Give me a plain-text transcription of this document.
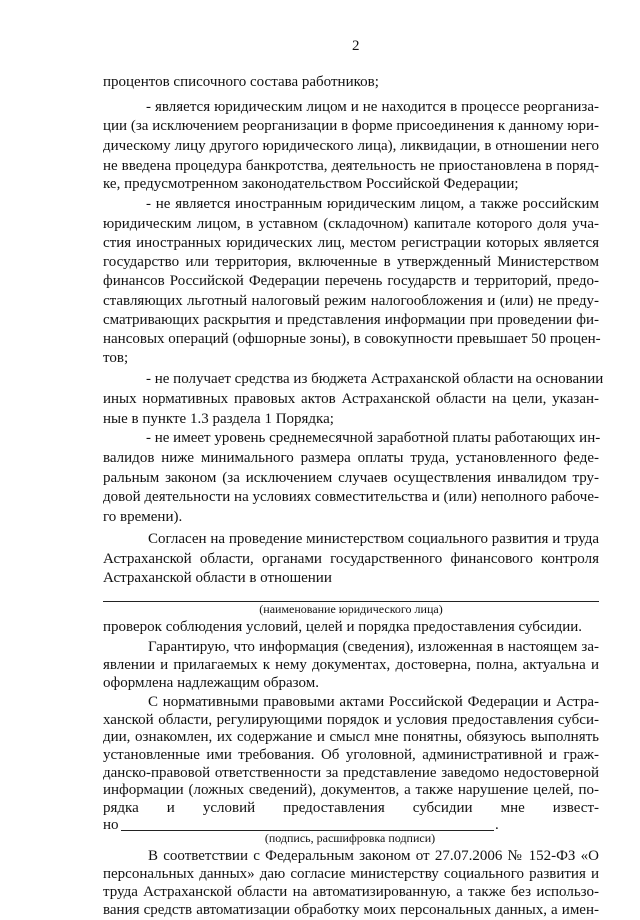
2
процентов списочного состава работников;
- является юридическим лицом и не находится в процессе реорганиза-
ции (за исключением реорганизации в форме присоединения к данному юри-
дическому лицу другого юридического лица), ликвидации, в отношении него
не введена процедура банкротства, деятельность не приостановлена в поряд-
ке, предусмотренном законодательством Российской Федерации;
- не является иностранным юридическим лицом, а также российским
юридическим лицом, в уставном (складочном) капитале которого доля уча-
стия иностранных юридических лиц, местом регистрации которых является
государство или территория, включенные в утвержденный Министерством
финансов Российской Федерации перечень государств и территорий, предо-
ставляющих льготный налоговый режим налогообложения и (или) не преду-
сматривающих раскрытия и представления информации при проведении фи-
нансовых операций (офшорные зоны), в совокупности превышает 50 процен-
тов;
- не получает средства из бюджета Астраханской области на основании
иных нормативных правовых актов Астраханской области на цели, указан-
ные в пункте 1.3 раздела 1 Порядка;
- не имеет уровень среднемесячной заработной платы работающих ин-
валидов ниже минимального размера оплаты труда, установленного феде-
ральным законом (за исключением случаев осуществления инвалидом тру-
довой деятельности на условиях совместительства и (или) неполного рабоче-
го времени).
Согласен на проведение министерством социального развития и труда
Астраханской области, органами государственного финансового контроля
Астраханской области в отношении
(наименование юридического лица)
проверок соблюдения условий, целей и порядка предоставления субсидии.
Гарантирую, что информация (сведения), изложенная в настоящем за-
явлении и прилагаемых к нему документах, достоверна, полна, актуальна и
оформлена надлежащим образом.
С нормативными правовыми актами Российской Федерации и Астра-
ханской области, регулирующими порядок и условия предоставления субси-
дии, ознакомлен, их содержание и смысл мне понятны, обязуюсь выполнять
установленные ими требования. Об уголовной, административной и граж-
данско-правовой ответственности за представление заведомо недостоверной
информации (ложных сведений), документов, а также нарушение целей, по-
рядка и условий предоставления субсидии мне извест-
но	.
(подпись, расшифровка подписи)
В соответствии с Федеральным законом от 27.07.2006 № 152-ФЗ «О
персональных данных» даю согласие министерству социального развития и
труда Астраханской области на автоматизированную, а также без использо-
вания средств автоматизации обработку моих персональных данных, а имен-
